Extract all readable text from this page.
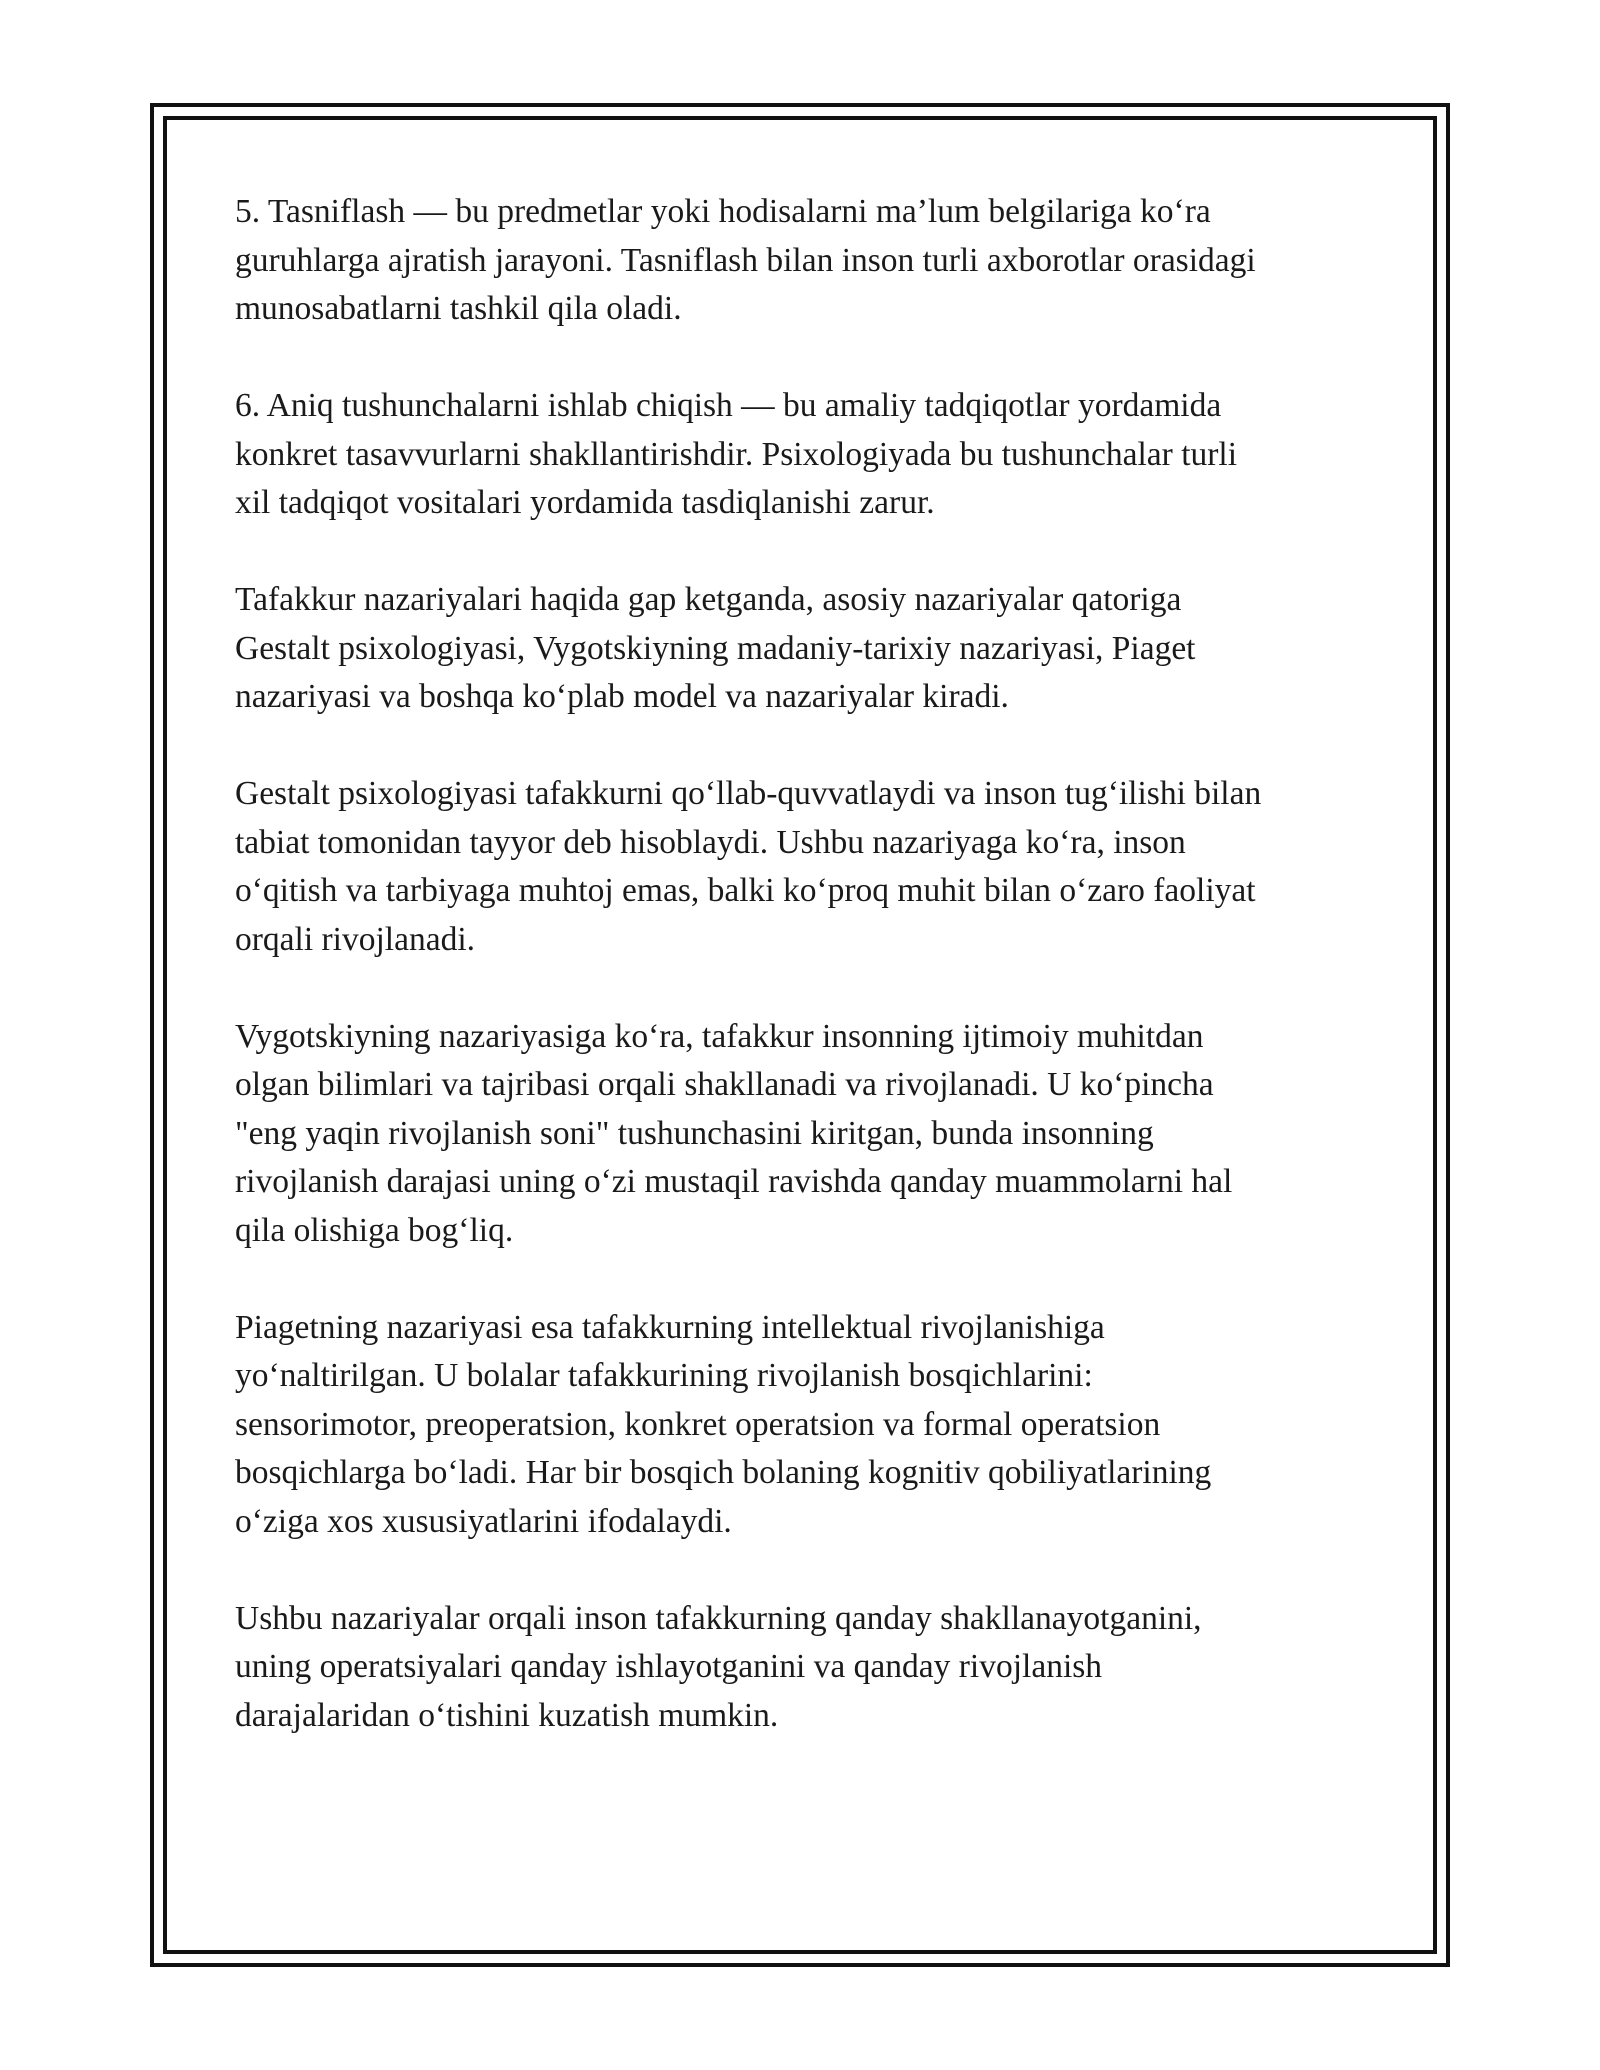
5. Tasniflash — bu predmetlar yoki hodisalarni ma’lum belgilariga koʻra
guruhlarga ajratish jarayoni. Tasniflash bilan inson turli axborotlar orasidagi
munosabatlarni tashkil qila oladi.

6. Aniq tushunchalarni ishlab chiqish — bu amaliy tadqiqotlar yordamida
konkret tasavvurlarni shakllantirishdir. Psixologiyada bu tushunchalar turli
xil tadqiqot vositalari yordamida tasdiqlanishi zarur.

Tafakkur nazariyalari haqida gap ketganda, asosiy nazariyalar qatoriga
Gestalt psixologiyasi, Vygotskiyning madaniy-tarixiy nazariyasi, Piaget
nazariyasi va boshqa koʻplab model va nazariyalar kiradi.

Gestalt psixologiyasi tafakkurni qoʻllab-quvvatlaydi va inson tugʻilishi bilan
tabiat tomonidan tayyor deb hisoblaydi. Ushbu nazariyaga koʻra, inson
oʻqitish va tarbiyaga muhtoj emas, balki koʻproq muhit bilan oʻzaro faoliyat
orqali rivojlanadi.

Vygotskiyning nazariyasiga koʻra, tafakkur insonning ijtimoiy muhitdan
olgan bilimlari va tajribasi orqali shakllanadi va rivojlanadi. U koʻpincha
"eng yaqin rivojlanish soni" tushunchasini kiritgan, bunda insonning
rivojlanish darajasi uning oʻzi mustaqil ravishda qanday muammolarni hal
qila olishiga bogʻliq.

Piagetning nazariyasi esa tafakkurning intellektual rivojlanishiga
yoʻnaltirilgan. U bolalar tafakkurining rivojlanish bosqichlarini:
sensorimotor, preoperatsion, konkret operatsion va formal operatsion
bosqichlarga boʻladi. Har bir bosqich bolaning kognitiv qobiliyatlarining
oʻziga xos xususiyatlarini ifodalaydi.

Ushbu nazariyalar orqali inson tafakkurning qanday shakllanayotganini,
uning operatsiyalari qanday ishlayotganini va qanday rivojlanish
darajalaridan oʻtishini kuzatish mumkin.
